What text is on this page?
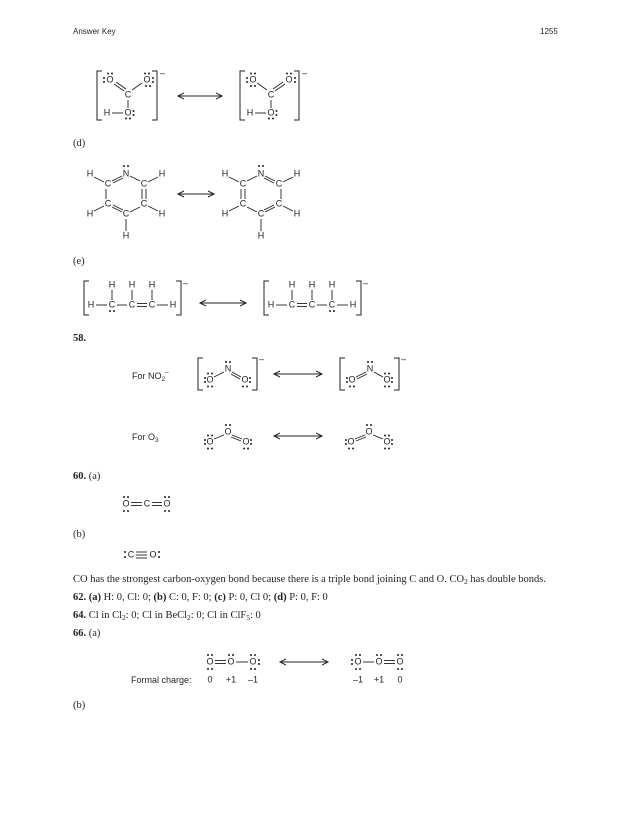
Answer Key	1255
(d)
(e)
58.
60. (a)
(b)
CO has the strongest carbon-oxygen bond because there is a triple bond joining C and O. $CO_2$ has double bonds.
62. (a) H: 0, Cl: 0; (b) C: 0, F: 0; (c) P: 0, Cl 0; (d) P: 0, F: 0
64. Cl in $Cl_2$: 0; Cl in BeCl$_2$: 0; Cl in ClF$_5$: 0
66. (a)
(b)
–
O	O
C
O
H
–
O	O
C
O
H
N
C	C
C	C
C
H	H
H	H
H
N
C	C
C	C
C
H	H
H	H
H
–
H C C C H
H H H	–
H C C C H
H H H
For $NO_2^-$
–
N
O	O
–
N
O	O
For $O_3$
O
O	O
O
O	O
O C O
C O
O O O	O O O
Formal charge: 0 +1 –1	–1 +1 0
